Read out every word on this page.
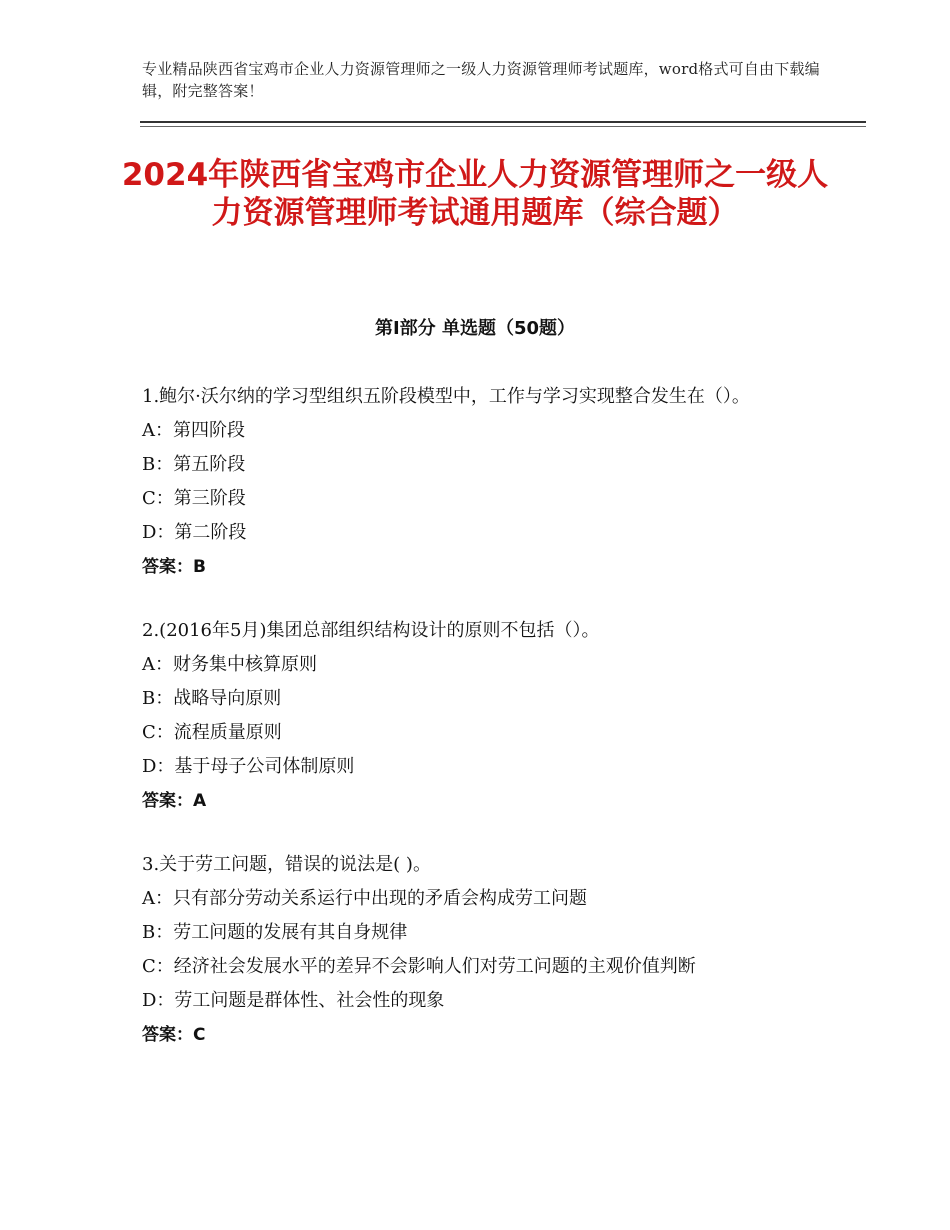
专业精品陕西省宝鸡市企业人力资源管理师之一级人力资源管理师考试题库，word格式可自由下载编辑，附完整答案！
2024年陕西省宝鸡市企业人力资源管理师之一级人力资源管理师考试通用题库（综合题）
第Ⅰ部分 单选题（50题）

1.鲍尔·沃尔纳的学习型组织五阶段模型中，工作与学习实现整合发生在（）。

A：第四阶段

B：第五阶段

C：第三阶段

D：第二阶段

答案：B

2.(2016年5月)集团总部组织结构设计的原则不包括（）。

A：财务集中核算原则

B：战略导向原则

C：流程质量原则

D：基于母子公司体制原则

答案：A

3.关于劳工问题，错误的说法是( )。

A：只有部分劳动关系运行中出现的矛盾会构成劳工问题

B：劳工问题的发展有其自身规律

C：经济社会发展水平的差异不会影响人们对劳工问题的主观价值判断

D：劳工问题是群体性、社会性的现象

答案：C
